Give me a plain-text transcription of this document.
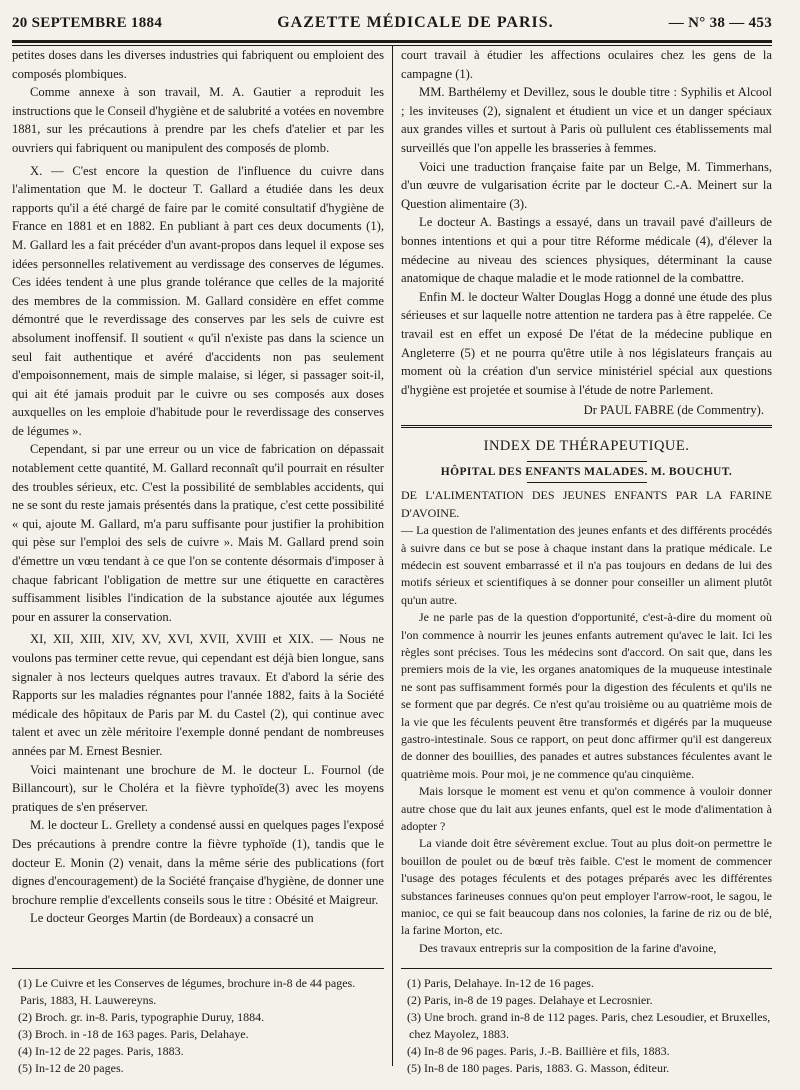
20 SEPTEMBRE 1884	GAZETTE MÉDICALE DE PARIS.	— N° 38 — 453

petites doses dans les diverses industries qui fabriquent ou emploient des composés plombiques.

Comme annexe à son travail, M. A. Gautier a reproduit les instructions que le Conseil d'hygiène et de salubrité a votées en novembre 1881, sur les précautions à prendre par les chefs d'atelier et par les ouvriers qui fabriquent ou manipulent des composés de plomb.

X. — C'est encore la question de l'influence du cuivre dans l'alimentation que M. le docteur T. Gallard a étudiée dans les deux rapports qu'il a été chargé de faire par le comité consultatif d'hygiène de France en 1881 et en 1882. En publiant à part ces deux documents (1), M. Gallard les a fait précéder d'un avant-propos dans lequel il expose ses idées personnelles relativement au verdissage des conserves de légumes. Ces idées tendent à une plus grande tolérance que celles de la majorité des membres de la commission. M. Gallard considère en effet comme démontré que le reverdissage des conserves par les sels de cuivre est absolument inoffensif. Il soutient « qu'il n'existe pas dans la science un seul fait authentique et avéré d'accidents non pas seulement d'empoisonnement, mais de simple malaise, si léger, si passager soit-il, qui ait été jamais produit par le cuivre ou ses composés aux doses auxquelles on les emploie d'habitude pour le reverdissage des conserves de légumes ».

Cependant, si par une erreur ou un vice de fabrication on dépassait notablement cette quantité, M. Gallard reconnaît qu'il pourrait en résulter des troubles sérieux, etc. C'est la possibilité de semblables accidents, qui ne se sont du reste jamais présentés dans la pratique, c'est cette possibilité « qui, ajoute M. Gallard, m'a paru suffisante pour justifier la prohibition qui pèse sur l'emploi des sels de cuivre ». Mais M. Gallard prend soin d'émettre un vœu tendant à ce que l'on se contente désormais d'imposer à chaque fabricant l'obligation de mettre sur une étiquette en caractères suffisamment lisibles l'indication de la substance ajoutée aux légumes pour en assurer la conservation.

XI, XII, XIII, XIV, XV, XVI, XVII, XVIII et XIX. — Nous ne voulons pas terminer cette revue, qui cependant est déjà bien longue, sans signaler à nos lecteurs quelques autres travaux. Et d'abord la série des Rapports sur les maladies régnantes pour l'année 1882, faits à la Société médicale des hôpitaux de Paris par M. du Castel (2), qui continue avec talent et avec un zèle méritoire l'exemple donné pendant de nombreuses années par M. Ernest Besnier.

Voici maintenant une brochure de M. le docteur L. Fournol (de Billancourt), sur le Choléra et la fièvre typhoïde(3) avec les moyens pratiques de s'en préserver.

M. le docteur L. Grellety a condensé aussi en quelques pages l'exposé Des précautions à prendre contre la fièvre typhoïde (1), tandis que le docteur E. Monin (2) venait, dans la même série des publications (fort dignes d'encouragement) de la Société française d'hygiène, de donner une brochure remplie d'excellents conseils sous le titre : Obésité et Maigreur.

Le docteur Georges Martin (de Bordeaux) a consacré un

(1) Le Cuivre et les Conserves de légumes, brochure in-8 de 44 pages. Paris, 1883, H. Lauwereyns.
(2) Broch. gr. in-8. Paris, typographie Duruy, 1884.
(3) Broch. in -18 de 163 pages. Paris, Delahaye.
(4) In-12 de 22 pages. Paris, 1883.
(5) In-12 de 20 pages.

court travail à étudier les affections oculaires chez les gens de la campagne (1).

MM. Barthélemy et Devillez, sous le double titre : Syphilis et Alcool ; les inviteuses (2), signalent et étudient un vice et un danger spéciaux aux grandes villes et surtout à Paris où pullulent ces établissements mal surveillés que l'on appelle les brasseries à femmes.

Voici une traduction française faite par un Belge, M. Timmerhans, d'un œuvre de vulgarisation écrite par le docteur C.-A. Meinert sur la Question alimentaire (3).

Le docteur A. Bastings a essayé, dans un travail pavé d'ailleurs de bonnes intentions et qui a pour titre Réforme médicale (4), d'élever la médecine au niveau des sciences physiques, déterminant la cause anatomique de chaque maladie et le mode rationnel de la combattre.

Enfin M. le docteur Walter Douglas Hogg a donné une étude des plus sérieuses et sur laquelle notre attention ne tardera pas à être rappelée. Ce travail est en effet un exposé De l'état de la médecine publique en Angleterre (5) et ne pourra qu'être utile à nos législateurs français au moment où la création d'un service ministériel spécial aux questions d'hygiène est projetée et soumise à l'étude de notre Parlement.

Dr PAUL FABRE (de Commentry).
INDEX DE THÉRAPEUTIQUE.
HÔPITAL DES ENFANTS MALADES. M. BOUCHUT.

DE L'ALIMENTATION DES JEUNES ENFANTS PAR LA FARINE D'AVOINE.

— La question de l'alimentation des jeunes enfants et des différents procédés à suivre dans ce but se pose à chaque instant dans la pratique médicale. Le médecin est souvent embarrassé et il n'a pas toujours en dedans de lui des motifs sérieux et scientifiques à se donner pour conseiller un aliment plutôt qu'un autre.

Je ne parle pas de la question d'opportunité, c'est-à-dire du moment où l'on commence à nourrir les jeunes enfants autrement qu'avec le lait. Ici les règles sont précises. Tous les médecins sont d'accord. On sait que, dans les premiers mois de la vie, les organes anatomiques de la muqueuse intestinale ne sont pas suffisamment formés pour la digestion des féculents et qu'ils ne se forment que par degrés. Ce n'est qu'au troisième ou au quatrième mois de la vie que les féculents peuvent être transformés et digérés par la muqueuse gastro-intestinale. Sous ce rapport, on peut donc affirmer qu'il est dangereux de donner des bouillies, des panades et autres substances féculentes avant le quatrième mois. Pour moi, je ne commence qu'au cinquième.

Mais lorsque le moment est venu et qu'on commence à vouloir donner autre chose que du lait aux jeunes enfants, quel est le mode d'alimentation à adopter ?

La viande doit être sévèrement exclue. Tout au plus doit-on permettre le bouillon de poulet ou de bœuf très faible. C'est le moment de commencer l'usage des potages féculents et des potages préparés avec les différentes substances farineuses connues qu'on peut employer l'arrow-root, le sagou, le manioc, ce qui se fait beaucoup dans nos colonies, la farine de riz ou de blé, la farine Morton, etc.

Des travaux entrepris sur la composition de la farine d'avoine,

(1) Paris, Delahaye. In-12 de 16 pages.
(2) Paris, in-8 de 19 pages. Delahaye et Lecrosnier.
(3) Une broch. grand in-8 de 112 pages. Paris, chez Lesoudier, et Bruxelles, chez Mayolez, 1883.
(4) In-8 de 96 pages. Paris, J.-B. Baillière et fils, 1883.
(5) In-8 de 180 pages. Paris, 1883. G. Masson, éditeur.
